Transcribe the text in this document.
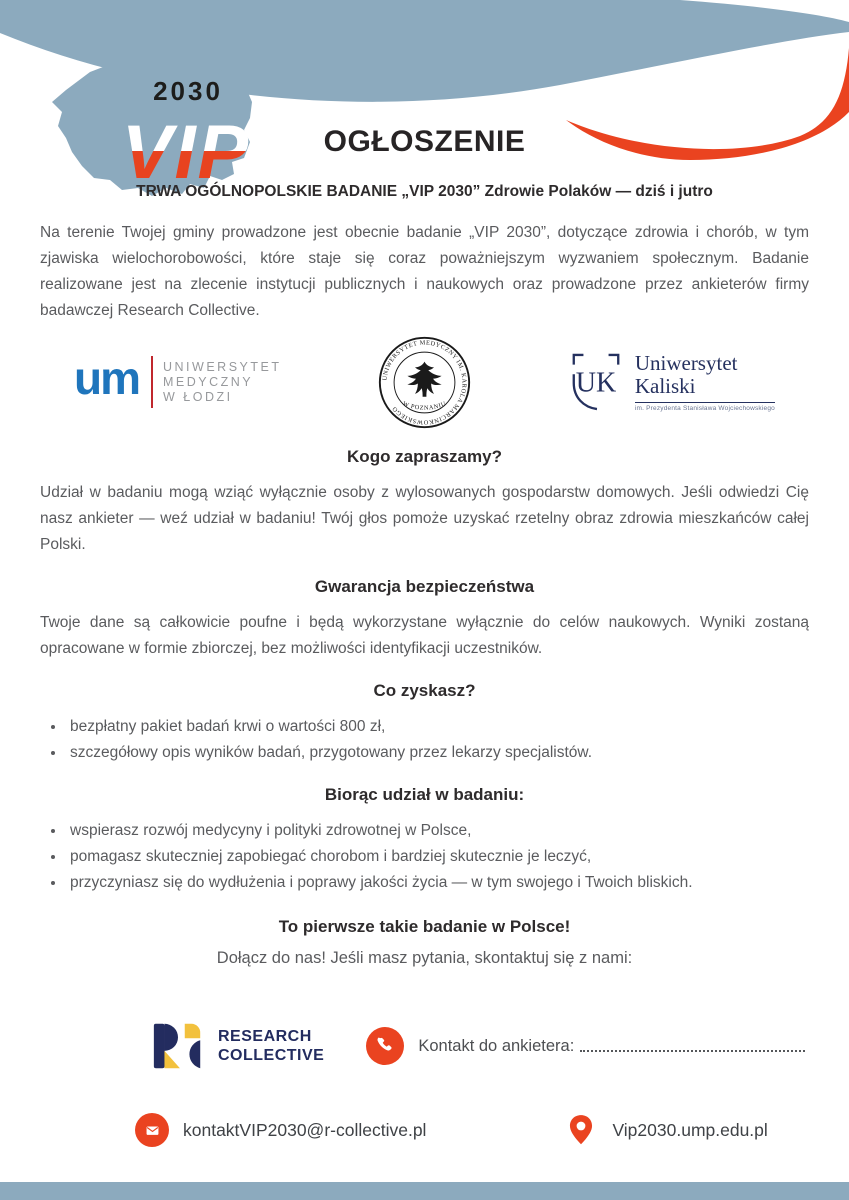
2030
VIP	OGŁOSZENIE
TRWA OGÓLNOPOLSKIE BADANIE „VIP 2030” Zdrowie Polaków — dziś i jutro

Na terenie Twojej gminy prowadzone jest obecnie badanie „VIP 2030”, dotyczące zdrowia i chorób, w tym zjawiska wielochorobowości, które staje się coraz poważniejszym wyzwaniem społecznym. Badanie realizowane jest na zlecenie instytucji publicznych i naukowych oraz prowadzone przez ankieterów firmy badawczej Research Collective.

um	UNIWERSYTET
MEDYCZNY
W ŁODZI
UNIWERSYTET MEDYCZNY IM. KAROLA MARCINKOWSKIEGO W POZNANIU
UK
Uniwersytet
Kaliski
im. Prezydenta Stanisława Wojciechowskiego
Kogo zapraszamy?

Udział w badaniu mogą wziąć wyłącznie osoby z wylosowanych gospodarstw domowych. Jeśli odwiedzi Cię nasz ankieter — weź udział w badaniu! Twój głos pomoże uzyskać rzetelny obraz zdrowia mieszkańców całej Polski.

Gwarancja bezpieczeństwa

Twoje dane są całkowicie poufne i będą wykorzystane wyłącznie do celów naukowych. Wyniki zostaną opracowane w formie zbiorczej, bez możliwości identyfikacji uczestników.

Co zyskasz?
• bezpłatny pakiet badań krwi o wartości 800 zł,
• szczegółowy opis wyników badań, przygotowany przez lekarzy specjalistów.
Biorąc udział w badaniu:
• wspierasz rozwój medycyny i polityki zdrowotnej w Polsce,
• pomagasz skuteczniej zapobiegać chorobom i bardziej skutecznie je leczyć,
• przyczyniasz się do wydłużenia i poprawy jakości życia — w tym swojego i Twoich bliskich.
To pierwsze takie badanie w Polsce!
Dołącz do nas! Jeśli masz pytania, skontaktuj się z nami:
RESEARCH
COLLECTIVE
Kontakt do ankietera:
kontaktVIP2030@r-collective.pl	Vip2030.ump.edu.pl
